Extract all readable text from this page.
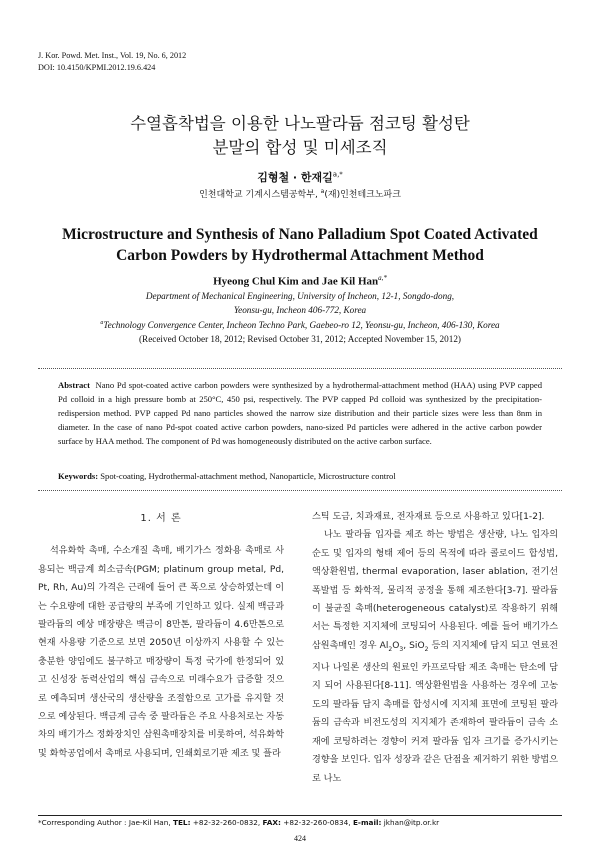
J. Kor. Powd. Met. Inst., Vol. 19, No. 6, 2012
DOI: 10.4150/KPMI.2012.19.6.424
수열흡착법을 이용한 나노팔라듐 점코팅 활성탄
분말의 합성 및 미세조직
김형철 · 한재길$^{a,*}$
인천대학교 기계시스템공학부, $^a$(재)인천테크노파크
Microstructure and Synthesis of Nano Palladium Spot Coated Activated
Carbon Powders by Hydrothermal Attachment Method
Hyeong Chul Kim and Jae Kil Han$^{a,*}$
Department of Mechanical Engineering, University of Incheon, 12-1, Songdo-dong,
Yeonsu-gu, Incheon 406-772, Korea
$^a$Technology Convergence Center, Incheon Techno Park, Gaebeo-ro 12, Yeonsu-gu, Incheon, 406-130, Korea
(Received October 18, 2012; Revised October 31, 2012; Accepted November 15, 2012)
Abstract Nano Pd spot-coated active carbon powders were synthesized by a hydrothermal-attachment method (HAA) using PVP capped Pd colloid in a high pressure bomb at 250°C, 450 psi, respectively. The PVP capped Pd colloid was synthesized by the precipitation-redispersion method. PVP capped Pd nano particles showed the narrow size distribution and their particle sizes were less than 8nm in diameter. In the case of nano Pd-spot coated active carbon powders, nano-sized Pd particles were adhered in the active carbon powder surface by HAA method. The component of Pd was homogeneously distributed on the active carbon surface.
Keywords: Spot-coating, Hydrothermal-attachment method, Nanoparticle, Microstructure control
1. 서 론

석유화학 촉매, 수소개질 촉매, 배기가스 정화용 촉매로 사용되는 백금계 희소금속(PGM; platinum group metal, Pd, Pt, Rh, Au)의 가격은 근래에 들어 큰 폭으로 상승하였는데 이는 수요량에 대한 공급량의 부족에 기인하고 있다. 실제 백금과 팔라듐의 예상 매장량은 백금이 8만톤, 팔라듐이 4.6만톤으로 현재 사용량 기준으로 보면 2050년 이상까지 사용할 수 있는 충분한 양임에도 불구하고 매장량이 특정 국가에 한정되어 있고 신성장 동력산업의 핵심 금속으로 미래수요가 급증할 것으로 예측되며 생산국의 생산량을 조절함으로 고가를 유지할 것으로 예상된다. 백금계 금속 중 팔라듐은 주요 사용처로는 자동차의 배기가스 정화장치인 삼원촉매장치를 비롯하여, 석유화학 및 화학공업에서 촉매로 사용되며, 인쇄회로기판 제조 및 플라

스틱 도금, 치과재료, 전자재료 등으로 사용하고 있다[1-2].

나노 팔라듐 입자를 제조 하는 방법은 생산량, 나노 입자의 순도 및 입자의 형태 제어 등의 목적에 따라 콜로이드 합성법, 액상환원법, thermal evaporation, laser ablation, 전기선폭발법 등 화학적, 물리적 공정을 통해 제조한다[3-7]. 팔라듐이 불균질 촉매(heterogeneous catalyst)로 작용하기 위해서는 특정한 지지체에 코팅되어 사용된다. 예를 들어 배기가스 삼원촉매인 경우 $Al_2O_3$, SiO$_2$ 등의 지지체에 담지 되고 연료전지나 나일론 생산의 원료인 카프로닥탐 제조 촉매는 탄소에 담지 되어 사용된다[8-11]. 액상환원법을 사용하는 경우에 고농도의 팔라듐 담지 촉매를 합성시에 지지체 표면에 코팅된 팔라듐의 금속과 비전도성의 지지체가 존재하여 팔라듐이 금속 소재에 코팅하려는 경향이 커져 팔라듐 입자 크기를 증가시키는 경향을 보인다. 입자 성장과 같은 단점을 제거하기 위한 방법으로 나노

*Corresponding Author : Jae-Kil Han, TEL: +82-32-260-0832, FAX: +82-32-260-0834, E-mail: jkhan@itp.or.kr
424
